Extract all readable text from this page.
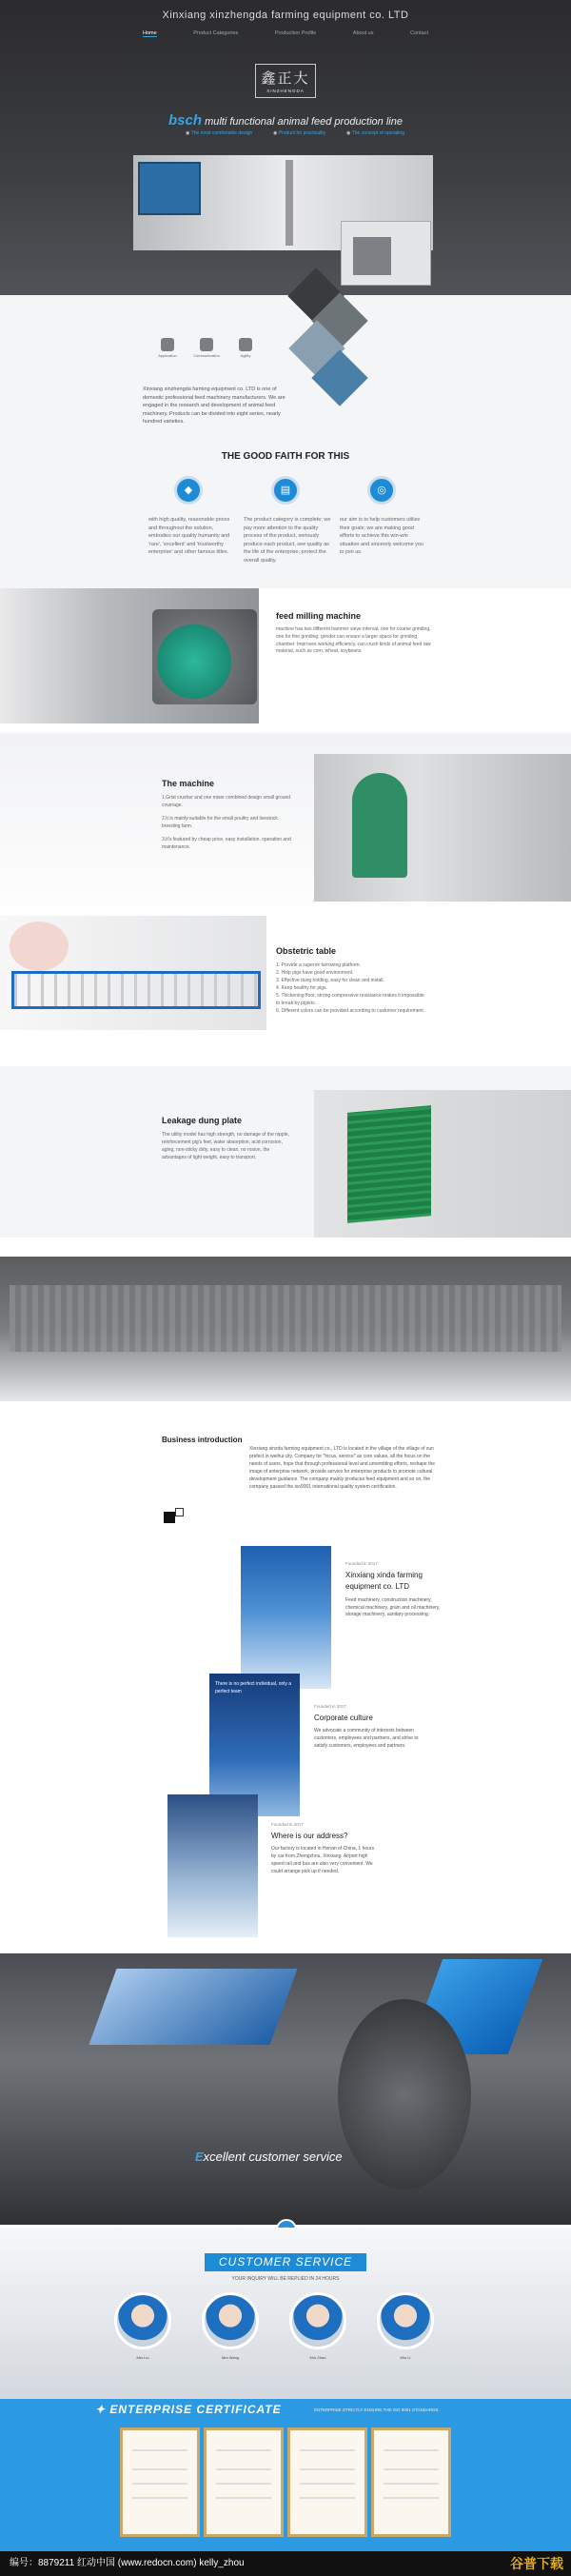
Xinxiang xinzhengda farming equipment co. LTD
Home	Product Categories	Production Profile	About us	Contact
鑫正大
XINZHENGDA
bsch multi functional animal feed production line
◉ The most comfortable design	◉ Product for practicality	◉ The concept of operating
Application	Communication	Agility
Xinxiang xinzhengda farming equipment co. LTD is one of domestic professional feed machinery manufacturers. We are engaged in the research and development of animal feed machinery. Products can be divided into eight series, nearly hundred varieties.
THE GOOD FAITH FOR THIS
◆	▤	◎
with high quality, reasonable prices and throughout the solution, embodies our quality humanity and 'rare', 'excellent' and 'trustworthy enterprise' and other famous titles.
The product category is complete; we pay more attention to the quality process of the product, seriously produce each product, see quality as the life of the enterprise, protect the overall quality.
our aim is to help customers utilize their goals; we are making good efforts to achieve this win-win situation and sincerely welcome you to join us.
feed milling machine
machine has two different hammer sieve interval, one for coarse grinding, one for fine grinding; grinder can ensure a larger space for grinding chamber. Improves working efficiency, can crush kinds of animal feed raw material, such as corn, wheat, soybeans.
The machine

1.Grist crusher and one mixer combined design small ground coverage.

2.It is mainly suitable for the small poultry and livestock breeding farm.

3.It's featured by cheap price, easy installation, operation and maintenance.

Obstetric table

1. Provide a superior farrowing platform.

2. Help pigs have good environment.

3. Effective dung holding, easy for clean and install.

4. Keep healthy for pigs.

5. Thickening floor, strong compressive resistance makes it impossible to break by piglets.

6. Different colors can be provided according to customer requirement.

Leakage dung plate
The utility model has high strength, no damage of the nipple, reinforcement pig's feet, water absorption, acid corrosion, aging, non-sticky dirty, easy to clean, no rosion, the advantages of light weight, easy to transport.
Business introduction
Xinxiang xinzda farming equipment co., LTD is located in the village of the village of sun prefect in weihui city. Company for "focus, service" as core values, all the focus on the needs of users, hope that through professional level and unremitting efforts, reshape the image of enterprise network, provide service for enterprise products to promote cultural development guidance. The company mainly produces feed equipment and so on, the company passed the iso9001 international quality system certification.
Founded in 2017
Xinxiang xinda farming equipment co. LTD
Feed machinery, construction machinery, chemical machinery, grain and oil machinery, storage machinery, sanitary processing.
There is no perfect individual, only a perfect team
Founded in 2017
Corporate culture
We advocate a community of interests between customers, employees and partners, and strive to satisfy customers, employees and partners.
Founded in 2017
Where is our address?
Our factory is located in Henan of China, 1 hours by car from Zhengzhou, Xinxiang. Airport high speed rail and bus are also very convenient. We could arrange pick up if needed.
Excellent customer service
CUSTOMER SERVICE
YOUR INQUIRY WILL BE REPLIED IN 24 HOURS
Mrs Liu	Mrs Wang	Mrs Zhao	Mrs Li
✦ ENTERPRISE CERTIFICATE	ENTERPRISE STRICTLY ENSURE THE ISO 9001 STANDARDS
编号：8879211 红动中国 (www.redocn.com) kelly_zhou	谷普下载
